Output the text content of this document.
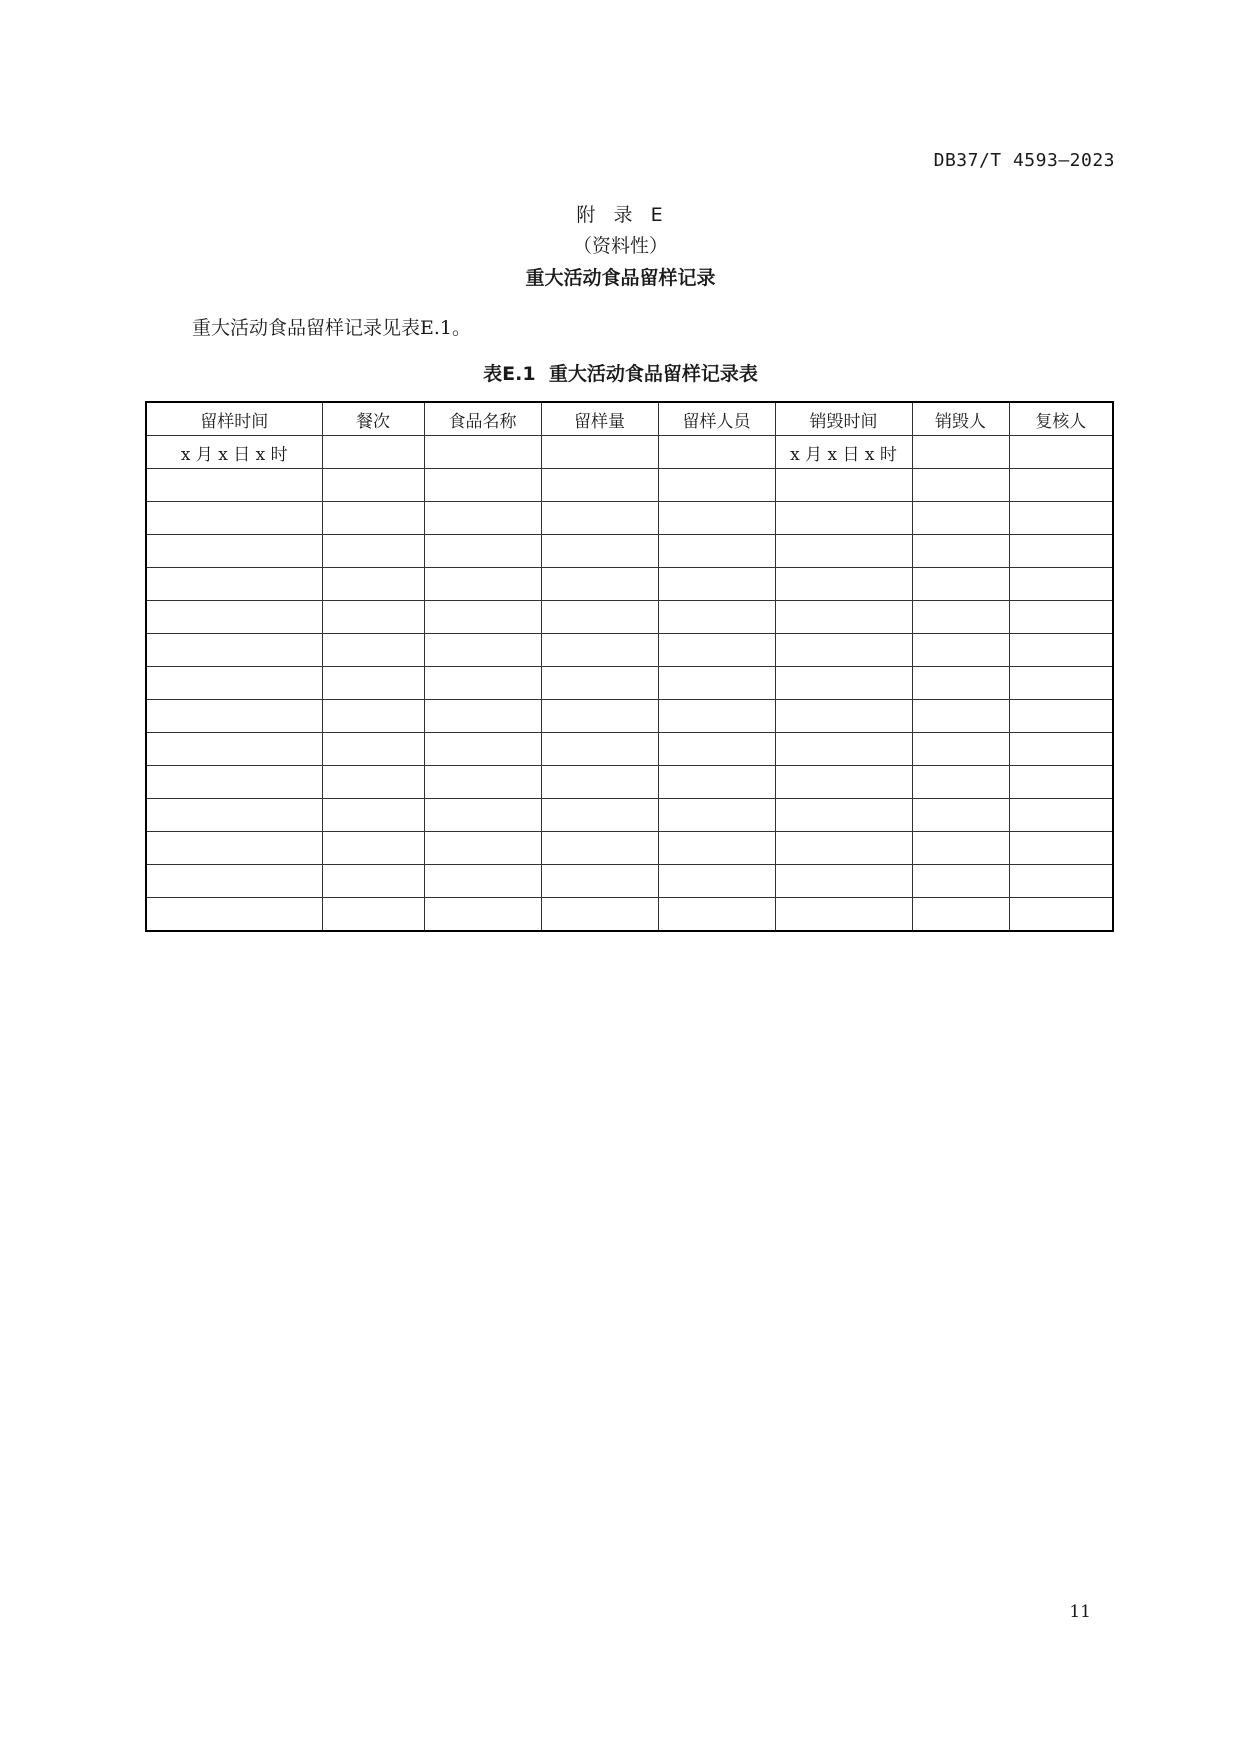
DB37/T 4593—2023
附  录  E
（资料性）
重大活动食品留样记录
重大活动食品留样记录见表E.1。
表E.1  重大活动食品留样记录表
留样时间	餐次	食品名称	留样量	留样人员	销毁时间	销毁人	复核人
x 月 x 日 x 时					x 月 x 日 x 时		

11
